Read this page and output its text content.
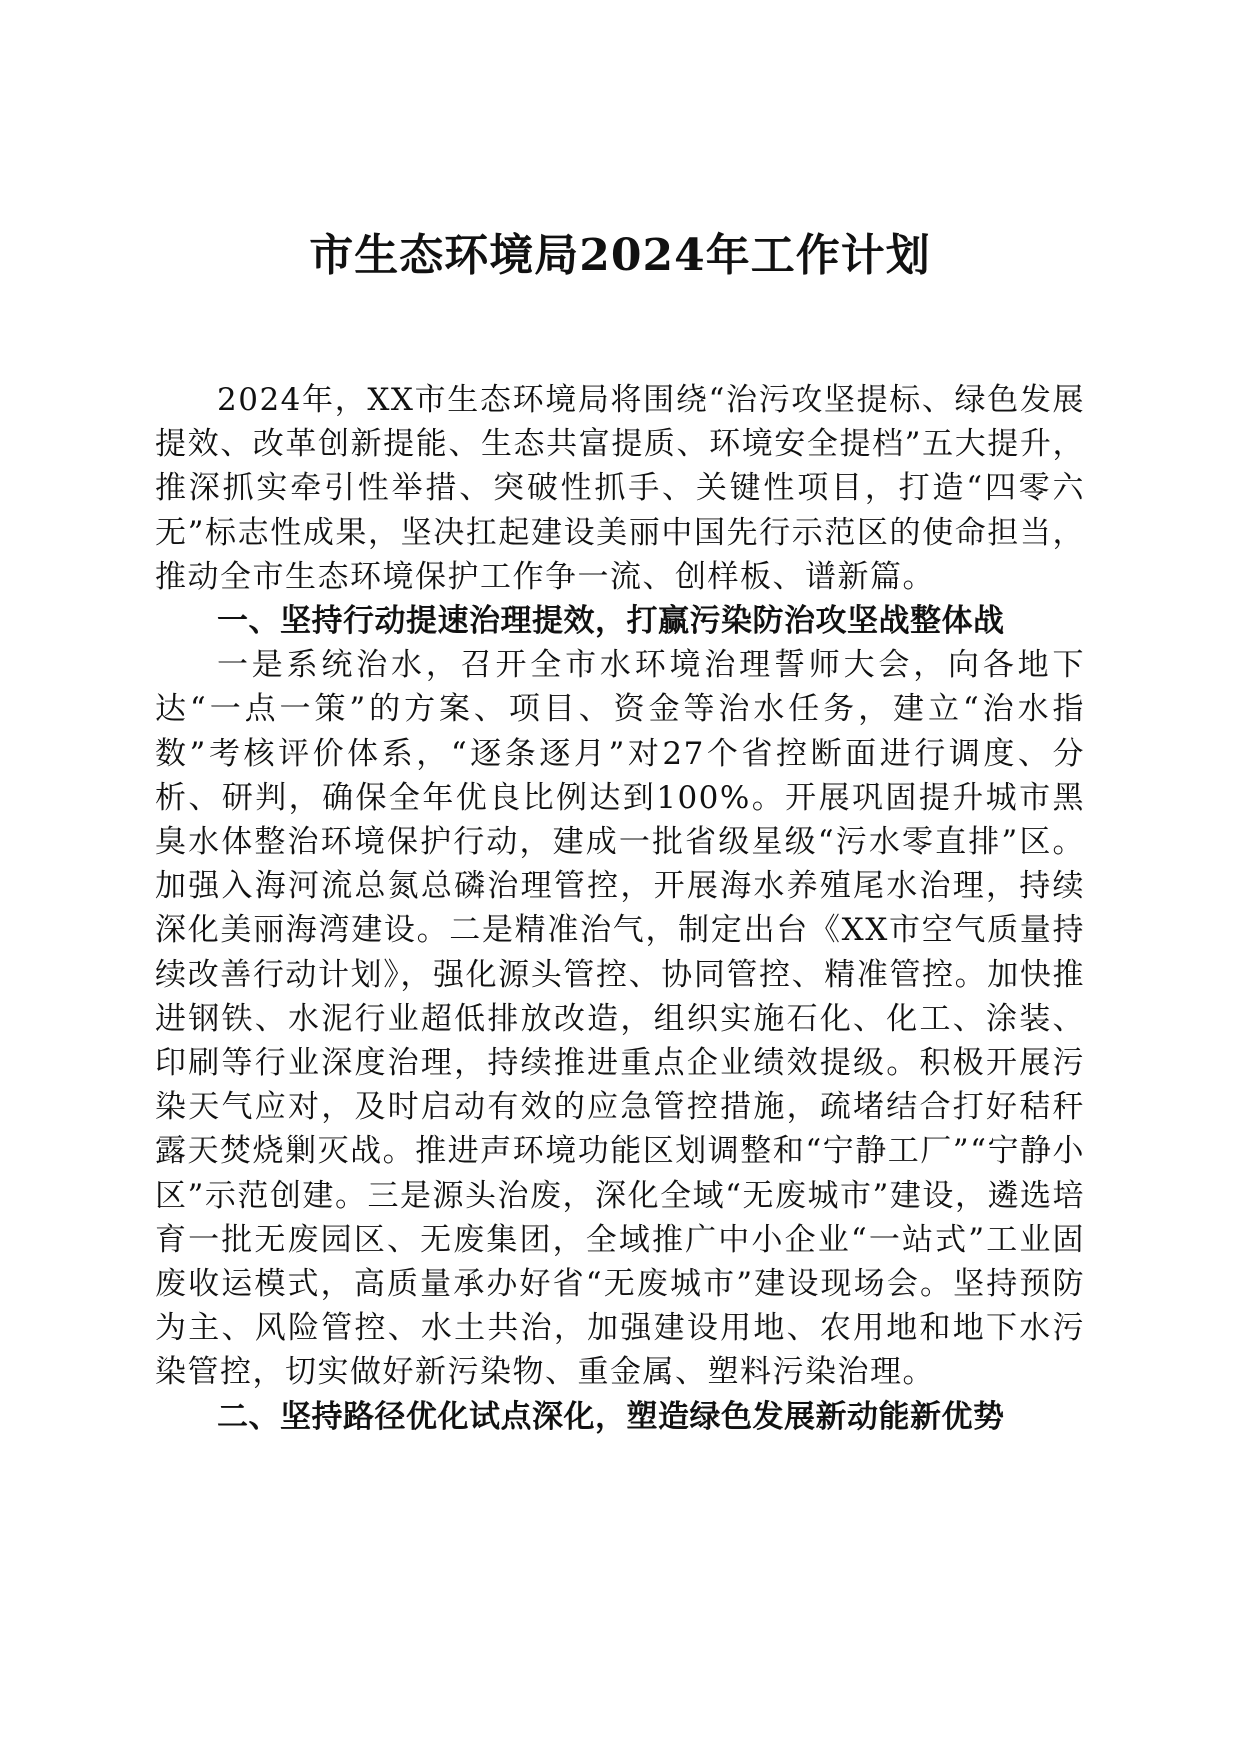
市生态环境局2024年工作计划

2024年，XX市生态环境局将围绕“治污攻坚提标、绿色发展提效、改革创新提能、生态共富提质、环境安全提档”五大提升，推深抓实牵引性举措、突破性抓手、关键性项目，打造“四零六无”标志性成果，坚决扛起建设美丽中国先行示范区的使命担当，推动全市生态环境保护工作争一流、创样板、谱新篇。

一、坚持行动提速治理提效，打赢污染防治攻坚战整体战

一是系统治水，召开全市水环境治理誓师大会，向各地下达“一点一策”的方案、项目、资金等治水任务，建立“治水指数”考核评价体系，“逐条逐月”对27个省控断面进行调度、分析、研判，确保全年优良比例达到100%。开展巩固提升城市黑臭水体整治环境保护行动，建成一批省级星级“污水零直排”区。加强入海河流总氮总磷治理管控，开展海水养殖尾水治理，持续深化美丽海湾建设。二是精准治气，制定出台《XX市空气质量持续改善行动计划》，强化源头管控、协同管控、精准管控。加快推进钢铁、水泥行业超低排放改造，组织实施石化、化工、涂装、印刷等行业深度治理，持续推进重点企业绩效提级。积极开展污染天气应对，及时启动有效的应急管控措施，疏堵结合打好秸秆露天焚烧剿灭战。推进声环境功能区划调整和“宁静工厂”“宁静小区”示范创建。三是源头治废，深化全域“无废城市”建设，遴选培育一批无废园区、无废集团，全域推广中小企业“一站式”工业固废收运模式，高质量承办好省“无废城市”建设现场会。坚持预防为主、风险管控、水土共治，加强建设用地、农用地和地下水污染管控，切实做好新污染物、重金属、塑料污染治理。

二、坚持路径优化试点深化，塑造绿色发展新动能新优势
